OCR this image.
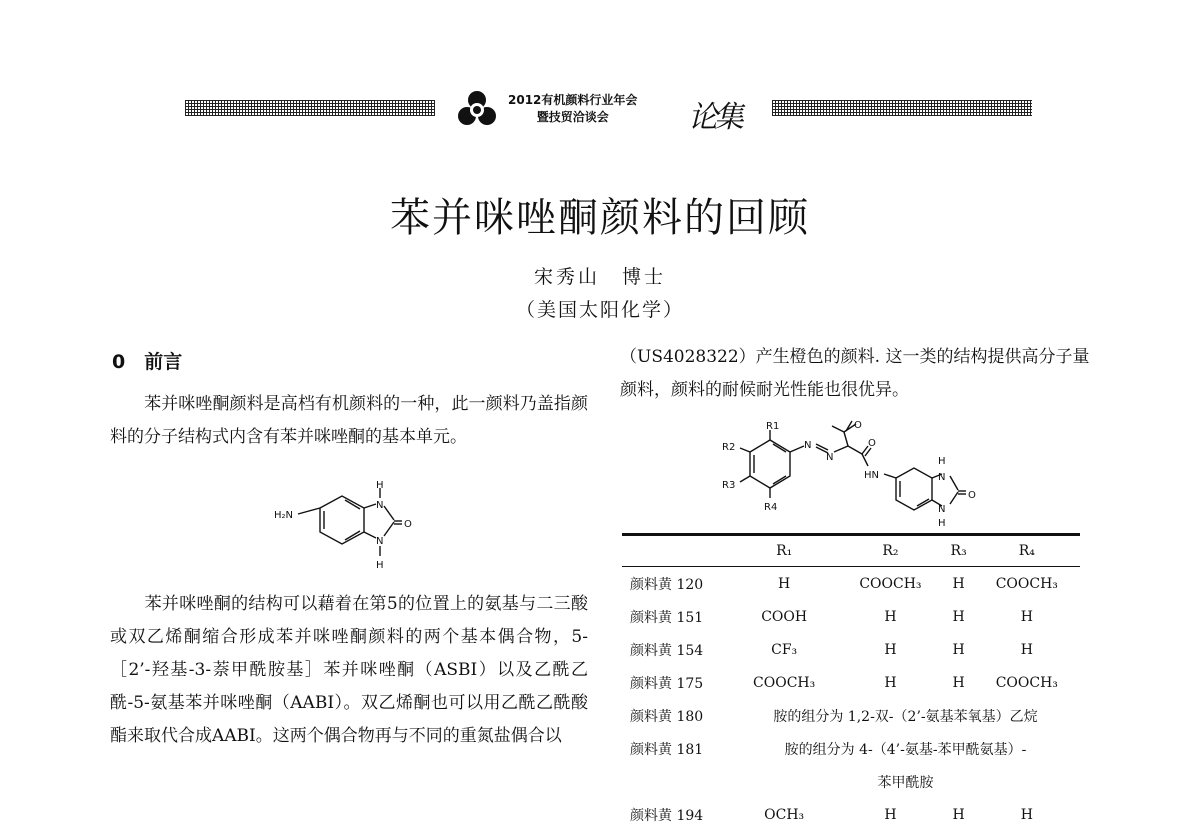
2012有机颜料行业年会
暨技贸洽谈会	论集
苯并咪唑酮颜料的回顾
宋秀山　博士
（美国太阳化学）
0　前言
　　苯并咪唑酮颜料是高档有机颜料的一种，此一颜料乃盖指颜料的分子结构式内含有苯并咪唑酮的基本单元。
H₂N
H
N
N
H
O
　　苯并咪唑酮的结构可以藉着在第5的位置上的氨基与二三酸或双乙烯酮缩合形成苯并咪唑酮颜料的两个基本偶合物，5-［2’-羟基-3-萘甲酰胺基］苯并咪唑酮（ASBI）以及乙酰乙酰-5-氨基苯并咪唑酮（AABI）。双乙烯酮也可以用乙酰乙酰酸酯来取代合成AABI。这两个偶合物再与不同的重氮盐偶合以
（US4028322）产生橙色的颜料. 这一类的结构提供高分子量颜料，颜料的耐候耐光性能也很优异。
R1
R2
R3
R4
N
N
O
O
HN
H
N
N
H
O
	R₁	R₂	R₃	R₄
颜料黄 120	H	COOCH₃	H	COOCH₃
颜料黄 151	COOH	H	H	H
颜料黄 154	CF₃	H	H	H
颜料黄 175	COOCH₃	H	H	COOCH₃
颜料黄 180	胺的组分为 1,2-双-（2’-氨基苯氧基）乙烷			
颜料黄 181	胺的组分为 4-（4’-氨基-苯甲酰氨基）-			
	苯甲酰胺			
颜料黄 194	OCH₃	H	H	H
